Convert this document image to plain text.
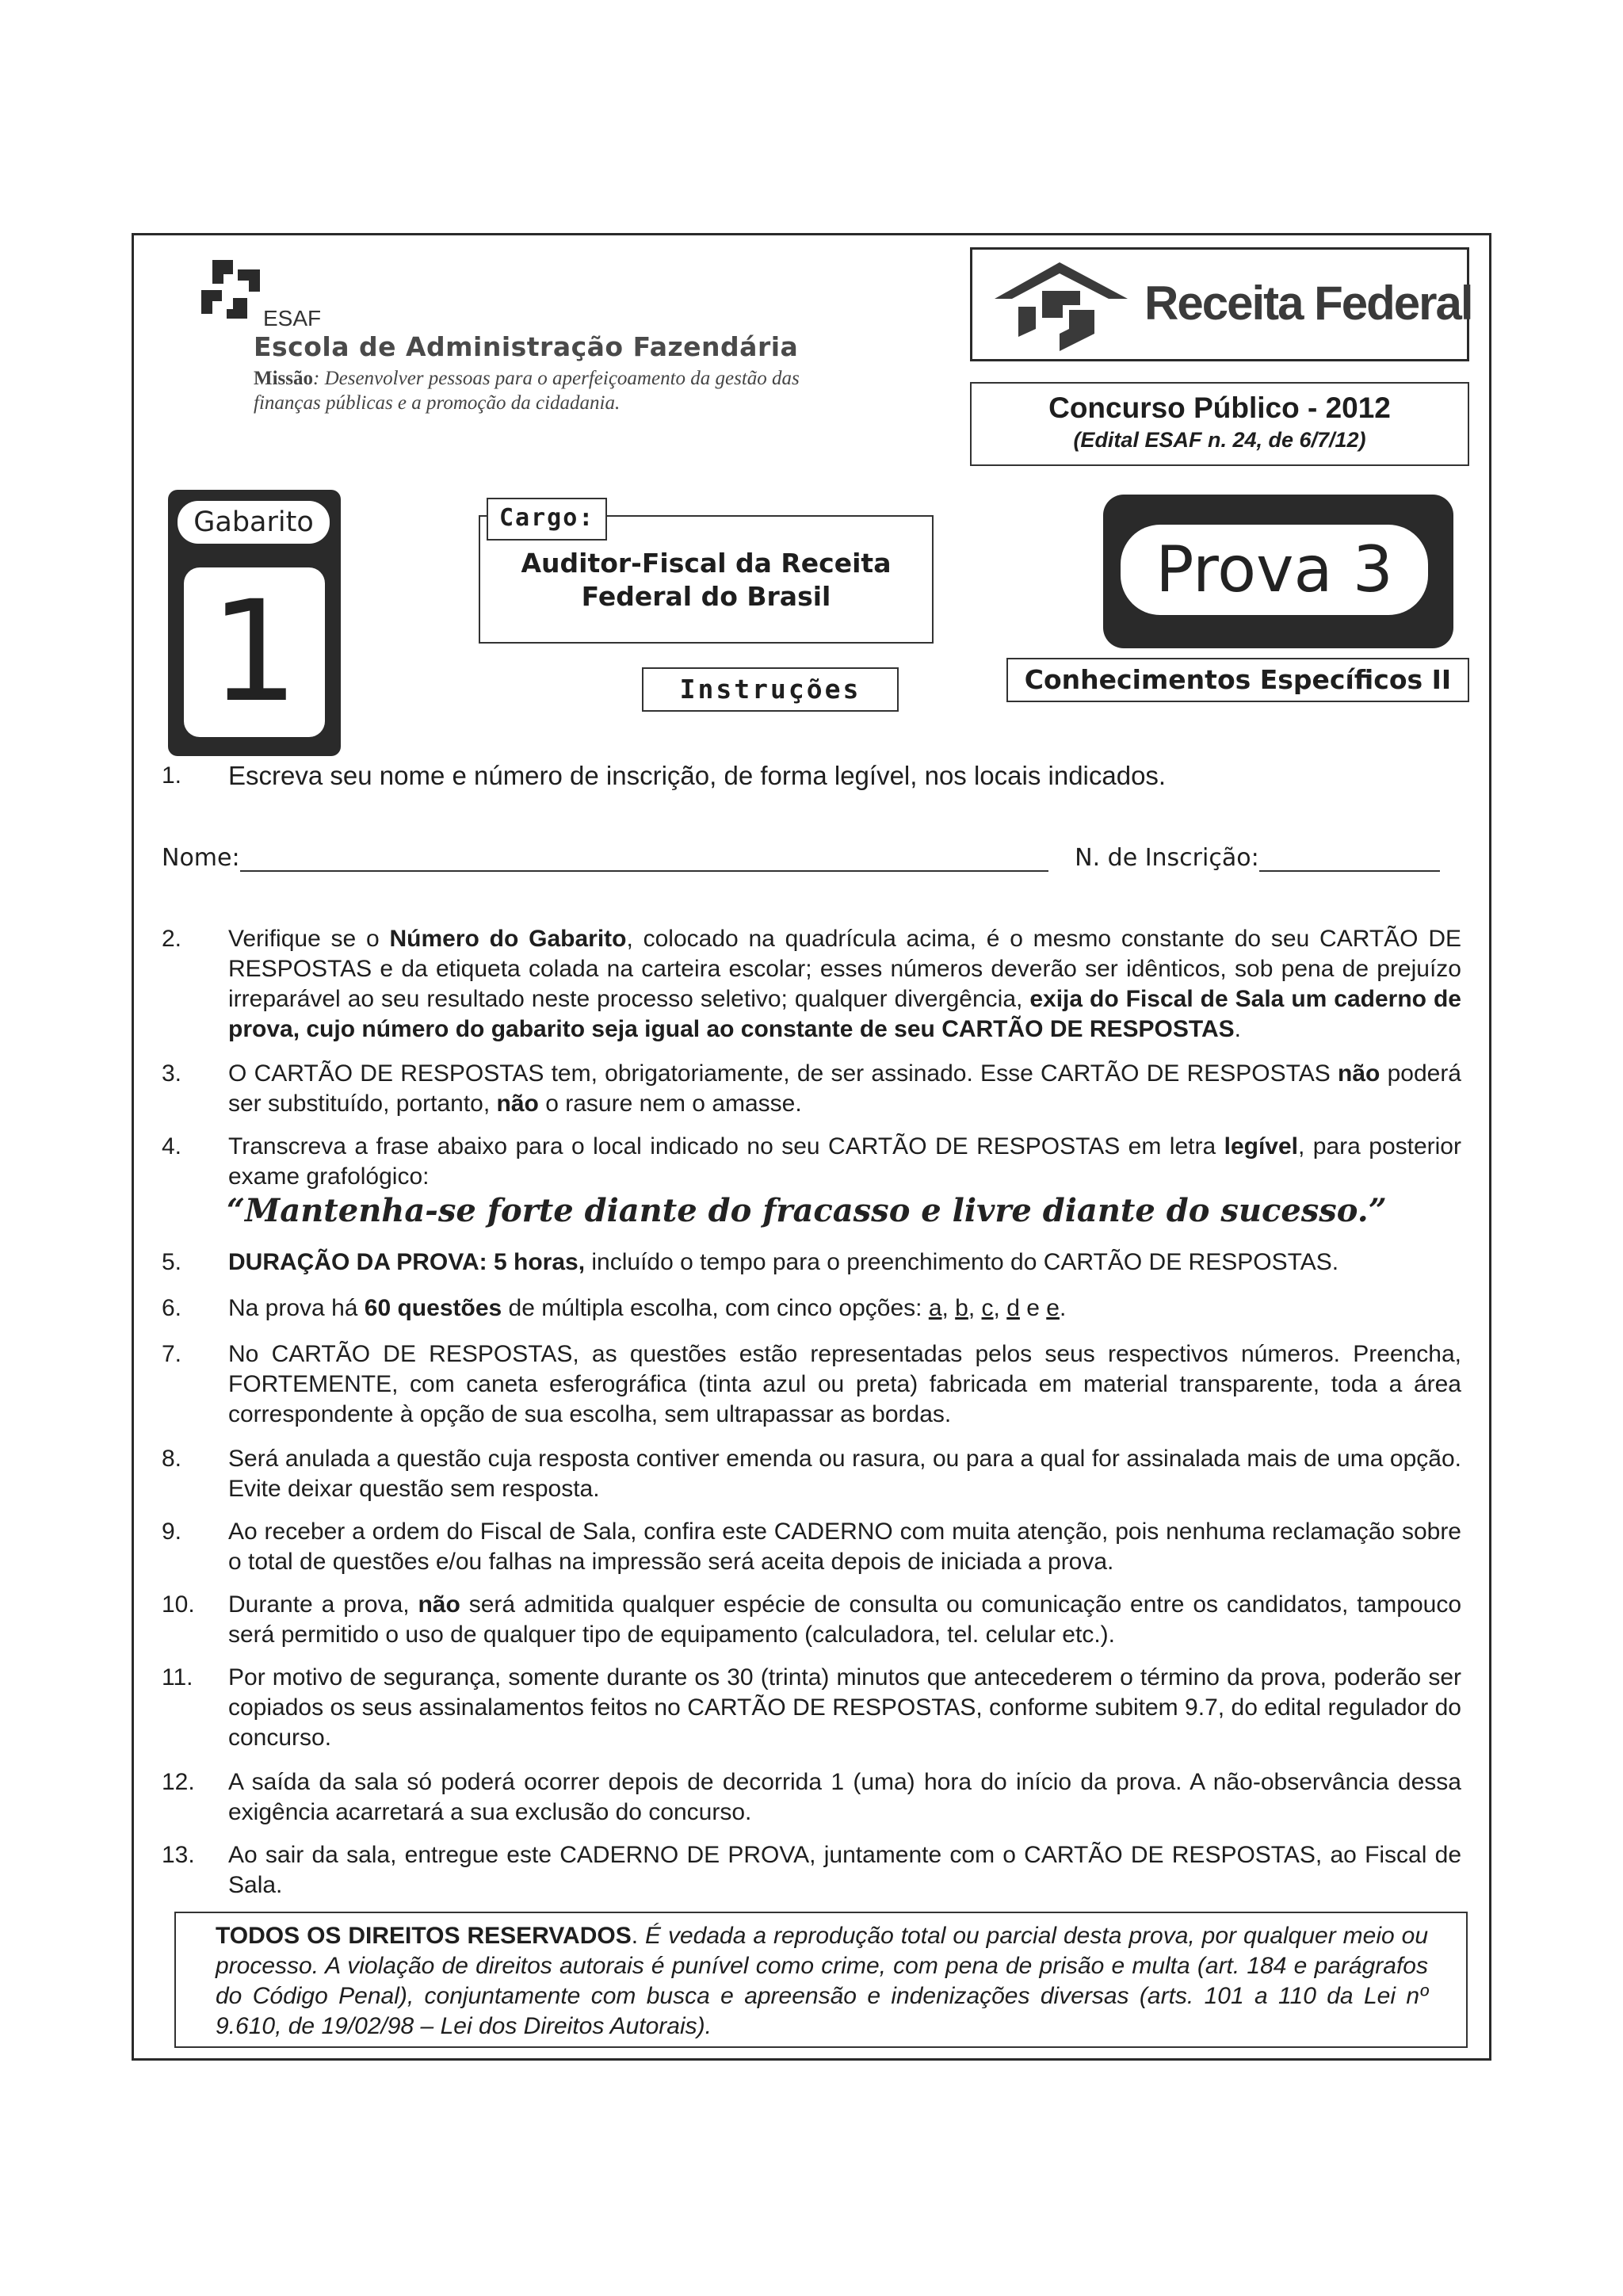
ESAF
Escola de Administração Fazendária
Missão: Desenvolver pessoas para o aperfeiçoamento da gestão das finanças públicas e a promoção da cidadania.
Receita Federal
Concurso Público - 2012
(Edital ESAF n. 24, de 6/7/12)
Gabarito
1
Cargo:
Auditor-Fiscal da Receita
Federal do Brasil	Prova 3
Instruções	Conhecimentos Específicos II
1. Escreva seu nome e número de inscrição, de forma legível, nos locais indicados.
Nome:	N. de Inscrição:
2. Verifique se o Número do Gabarito, colocado na quadrícula acima, é o mesmo constante do seu CARTÃO DE RESPOSTAS e da etiqueta colada na carteira escolar; esses números deverão ser idênticos, sob pena de prejuízo irreparável ao seu resultado neste processo seletivo; qualquer divergência, exija do Fiscal de Sala um caderno de prova, cujo número do gabarito seja igual ao constante de seu CARTÃO DE RESPOSTAS.
3. O CARTÃO DE RESPOSTAS tem, obrigatoriamente, de ser assinado. Esse CARTÃO DE RESPOSTAS não poderá ser substituído, portanto, não o rasure nem o amasse.
4. Transcreva a frase abaixo para o local indicado no seu CARTÃO DE RESPOSTAS em letra legível, para posterior exame grafológico:
“Mantenha-se forte diante do fracasso e livre diante do sucesso.”
5. DURAÇÃO DA PROVA: 5 horas, incluído o tempo para o preenchimento do CARTÃO DE RESPOSTAS.
6. Na prova há 60 questões de múltipla escolha, com cinco opções: a, b, c, d e e.
7. No CARTÃO DE RESPOSTAS, as questões estão representadas pelos seus respectivos números. Preencha, FORTEMENTE, com caneta esferográfica (tinta azul ou preta) fabricada em material transparente, toda a área correspondente à opção de sua escolha, sem ultrapassar as bordas.
8. Será anulada a questão cuja resposta contiver emenda ou rasura, ou para a qual for assinalada mais de uma opção. Evite deixar questão sem resposta.
9. Ao receber a ordem do Fiscal de Sala, confira este CADERNO com muita atenção, pois nenhuma reclamação sobre o total de questões e/ou falhas na impressão será aceita depois de iniciada a prova.
10. Durante a prova, não será admitida qualquer espécie de consulta ou comunicação entre os candidatos, tampouco será permitido o uso de qualquer tipo de equipamento (calculadora, tel. celular etc.).
11. Por motivo de segurança, somente durante os 30 (trinta) minutos que antecederem o término da prova, poderão ser copiados os seus assinalamentos feitos no CARTÃO DE RESPOSTAS, conforme subitem 9.7, do edital regulador do concurso.
12. A saída da sala só poderá ocorrer depois de decorrida 1 (uma) hora do início da prova. A não-observância dessa exigência acarretará a sua exclusão do concurso.
13. Ao sair da sala, entregue este CADERNO DE PROVA, juntamente com o CARTÃO DE RESPOSTAS, ao Fiscal de Sala.
TODOS OS DIREITOS RESERVADOS. É vedada a reprodução total ou parcial desta prova, por qualquer meio ou processo. A violação de direitos autorais é punível como crime, com pena de prisão e multa (art. 184 e parágrafos do Código Penal), conjuntamente com busca e apreensão e indenizações diversas (arts. 101 a 110 da Lei nº 9.610, de 19/02/98 – Lei dos Direitos Autorais).
